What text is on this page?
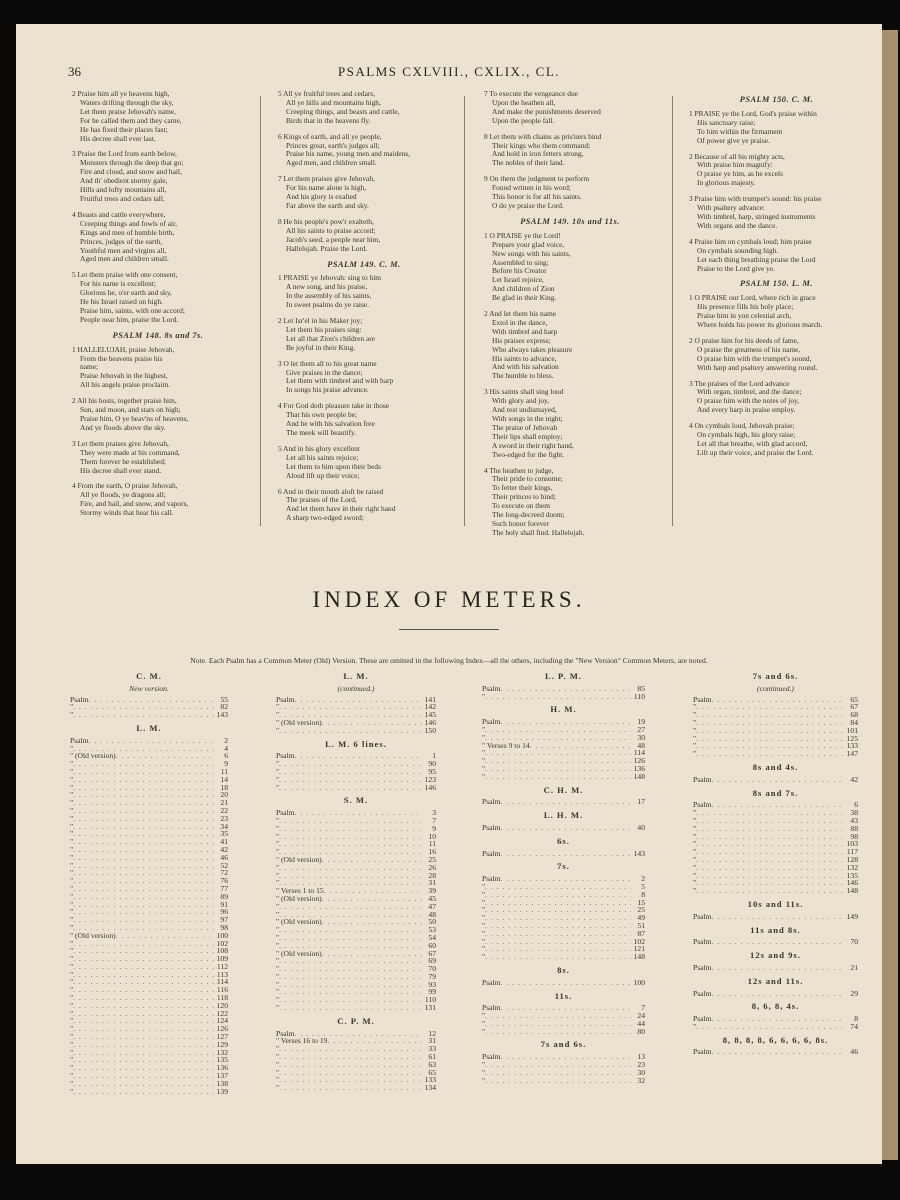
36	PSALMS CXLVIII., CXLIX., CL.
2 Praise him all ye heavens high,
Waters drifting through the sky,
Let them praise Jehovah's name,
For he called them and they came,
He has fixed their places fast;
His decree shall ever last.
3 Praise the Lord from earth below,
Monsters through the deep that go;
Fire and cloud, and snow and hail,
And th' obedient stormy gale,
Hills and lofty mountains all,
Fruitful trees and cedars tall.
4 Beasts and cattle everywhere,
Creeping things and fowls of air,
Kings and men of humble birth,
Princes, judges of the earth,
Youthful men and virgins all,
Aged men and children small.
5 Let them praise with one consent,
For his name is excellent;
Glorious he, o'er earth and sky,
He his Israel raised on high.
Praise him, saints, with one accord;
People near him, praise the Lord.
PSALM 148. 8s and 7s.
1 HALLELUJAH, praise Jehovah,
From the heavens praise his
name;
Praise Jehovah in the highest,
All his angels praise proclaim.
2 All his hosts, together praise him,
Sun, and moon, and stars on high;
Praise him, O ye heav'ns of heavens,
And ye floods above the sky.
3 Let them praises give Jehovah,
They were made at his command,
Them forever he established;
His decree shall ever stand.
4 From the earth, O praise Jehovah,
All ye floods, ye dragons all;
Fire, and hail, and snow, and vapors,
Stormy winds that hear his call.
5 All ye fruitful trees and cedars,
All ye hills and mountains high,
Creeping things, and beasts and cattle,
Birds that in the heavens fly.
6 Kings of earth, and all ye people,
Princes great, earth's judges all;
Praise his name, young men and maidens,
Aged men, and children small.
7 Let them praises give Jehovah,
For his name alone is high,
And his glory is exalted
Far above the earth and sky.
8 He his people's pow'r exalteth,
All his saints to praise accord;
Jacob's seed, a people near him,
Hallelujah. Praise the Lord.
PSALM 149. C. M.
1 PRAISE ye Jehovah: sing to him
A new song, and his praise,
In the assembly of his saints,
In sweet psalms do ye raise.
2 Let Isr'el in his Maker joy;
Let them his praises sing:
Let all that Zion's children are
Be joyful in their King.
3 O let them all to his great name
Give praises in the dance;
Let them with timbrel and with harp
In songs his praise advance.
4 For God doth pleasure take in those
That his own people be;
And he with his salvation free
The meek will beautify.
5 And in his glory excellent
Let all his saints rejoice;
Let them to him upon their beds
Aloud lift up their voice;
6 And in their mouth aloft be raised
The praises of the Lord,
And let them have in their right hand
A sharp two-edged sword;
7 To execute the vengeance due
Upon the heathen all,
And make the punishments deserved
Upon the people fall.
8 Let them with chains as pris'ners bind
Their kings who them command;
And hold in iron fetters strong,
The nobles of their land.
9 On them the judgment to perform
Found written in his word;
This honor is for all his saints.
O do ye praise the Lord.
PSALM 149. 10s and 11s.
1 O PRAISE ye the Lord!
Prepare your glad voice,
New songs with his saints,
Assembled to sing;
Before his Creator
Let Israel rejoice,
And children of Zion
Be glad in their King.
2 And let them his name
Extol in the dance,
With timbrel and harp
His praises express;
Who always takes pleasure
His saints to advance,
And with his salvation
The humble to bless.
3 His saints shall sing loud
With glory and joy,
And rest undismayed,
With songs in the night;
The praise of Jehovah
Their lips shall employ;
A sword in their right hand,
Two-edged for the fight.
4 The heathen to judge,
Their pride to consume;
To fetter their kings,
Their princes to bind;
To execute on them
The long-decreed doom;
Such honor forever
The holy shall find. Hallelujah.
PSALM 150. C. M.
1 PRAISE ye the Lord, God's praise within
His sanctuary raise;
To him within the firmament
Of power give ye praise.
2 Because of all his mighty acts,
With praise him magnify:
O praise ye him, as he excels
In glorious majesty.
3 Praise him with trumpet's sound: his praise
With psaltery advance:
With timbrel, harp, stringed instruments
With organs and the dance.
4 Praise him on cymbals loud; him praise
On cymbals sounding high.
Let each thing breathing praise the Lord
Praise to the Lord give ye.
PSALM 150. L. M.
1 O PRAISE our Lord, where rich in grace
His presence fills his holy place;
Praise him in yon celestial arch,
Where holds his power its glorious march.
2 O praise him for his deeds of fame,
O praise the greatness of his name,
O praise him with the trumpet's sound,
With harp and psaltery answering round.
3 The praises of the Lord advance
With organ, timbrel, and the dance;
O praise him with the notes of joy,
And every harp in praise employ.
4 On cymbals loud, Jehovah praise;
On cymbals high, his glory raise;
Let all that breathe, with glad accord,
Lift up their voice, and praise the Lord.
INDEX OF METERS.
Note. Each Psalm has a Common Meter (Old) Version. These are omitted in the following Index—all the others, including the "New Version" Common Meters, are noted.
C. M.
New version.
Psalm . . .	55
" . . .	82
" . . .	143
L. M.
Psalm . . .	2
" . . .	4
" (Old version) . . .	6
" . . .	9
" . . .	11
" . . .	14
" . . .	18
" . . .	20
" . . .	21
" . . .	22
" . . .	23
" . . .	34
" . . .	35
" . . .	41
" . . .	42
" . . .	46
" . . .	52
" . . .	72
" . . .	76
" . . .	77
" . . .	89
" . . .	91
" . . .	96
" . . .	97
" . . .	98
" (Old version) . . .	100
" . . .	102
" . . .	108
" . . .	109
" . . .	112
" . . .	113
" . . .	114
" . . .	116
" . . .	118
" . . .	120
" . . .	122
" . . .	124
" . . .	126
" . . .	127
" . . .	129
" . . .	132
" . . .	135
" . . .	136
" . . .	137
" . . .	138
" . . .	139
L. M.
(continued.)
Psalm . . .	141
" . . .	142
" . . .	145
" (Old version) . . .	146
" . . .	150
L. M. 6 lines.
Psalm . . .	1
" . . .	90
" . . .	95
" . . .	123
" . . .	146
S. M.
Psalm . . .	3
" . . .	7
" . . .	9
" . . .	10
" . . .	11
" . . .	16
" (Old version) . . .	25
" . . .	26
" . . .	28
" . . .	31
" Verses 1 to 15 . . .	39
" (Old version) . . .	45
" . . .	47
" . . .	48
" (Old version) . . .	50
" . . .	53
" . . .	54
" . . .	60
" (Old version) . . .	67
" . . .	69
" . . .	70
" . . .	79
" . . .	93
" . . .	99
" . . .	110
" . . .	131
C. P. M.
Psalm . . .	12
" Verses 16 to 19 . . .	31
" . . .	33
" . . .	61
" . . .	63
" . . .	65
" . . .	133
" . . .	134
L. P. M.
Psalm . . .	85
" . . .	110
H. M.
Psalm . . .	19
" . . .	27
" . . .	30
" Verses 9 to 14 . . .	48
" . . .	114
" . . .	126
" . . .	136
" . . .	148
C. H. M.
Psalm . . .	17
L. H. M.
Psalm . . .	40
6s.
Psalm . . .	143
7s.
Psalm . . .	2
" . . .	5
" . . .	8
" . . .	15
" . . .	25
" . . .	49
" . . .	51
" . . .	87
" . . .	102
" . . .	121
" . . .	148
8s.
Psalm . . .	100
11s.
Psalm . . .	7
" . . .	24
" . . .	44
" . . .	80
7s and 6s.
Psalm . . .	13
" . . .	23
" . . .	30
" . . .	32
7s and 6s.
(continued.)
Psalm . . .	65
" . . .	67
" . . .	68
" . . .	84
" . . .	101
" . . .	125
" . . .	133
" . . .	147
8s and 4s.
Psalm . . .	42
8s and 7s.
Psalm . . .	6
" . . .	38
" . . .	43
" . . .	88
" . . .	98
" . . .	103
" . . .	117
" . . .	128
" . . .	132
" . . .	135
" . . .	146
" . . .	148
10s and 11s.
Psalm . . .	149
11s and 8s.
Psalm . . .	70
12s and 9s.
Psalm . . .	21
12s and 11s.
Psalm . . .	29
8, 6, 8, 4s.
Psalm . . .	8
" . . .	74
8, 8, 8, 8, 6, 6, 6, 6, 8s.
Psalm . . .	46
